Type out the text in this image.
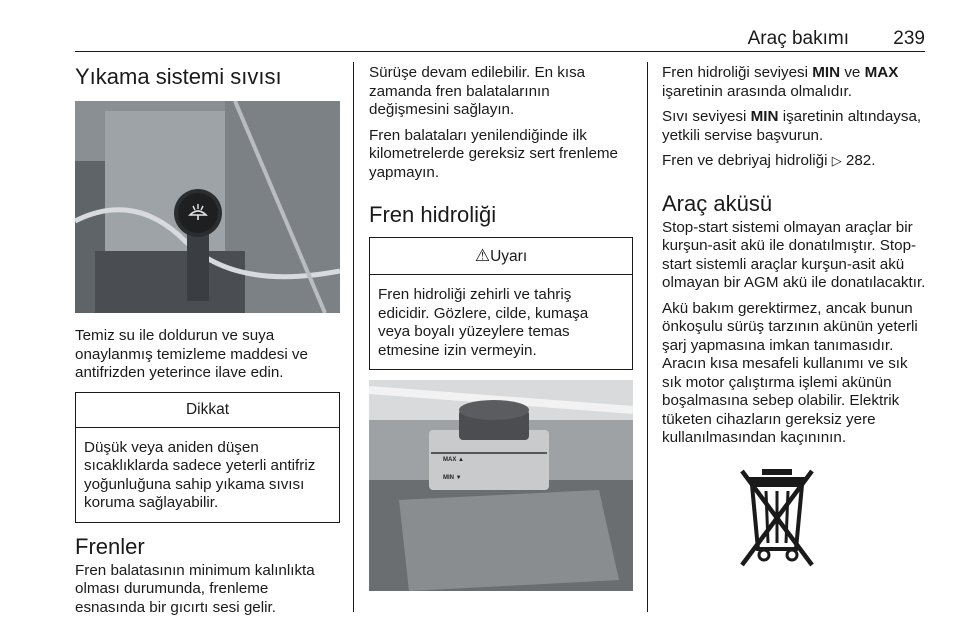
Araç bakımı 239
Yıkama sistemi sıvısı

Temiz su ile doldurun ve suya onaylanmış temizleme maddesi ve antifrizden yeterince ilave edin.

Dikkat

Düşük veya aniden düşen sıcaklıklarda sadece yeterli antifriz yoğunluğuna sahip yıkama sıvısı koruma sağlayabilir.

Frenler

Fren balatasının minimum kalınlıkta olması durumunda, frenleme esnasında bir gıcırtı sesi gelir.

Sürüşe devam edilebilir. En kısa zamanda fren balatalarının değişmesini sağlayın.

Fren balataları yenilendiğinde ilk kilometrelerde gereksiz sert frenleme yapmayın.

Fren hidroliği
⚠Uyarı

Fren hidroliği zehirli ve tahriş edicidir. Gözlere, cilde, kumaşa veya boyalı yüzeylere temas etmesine izin vermeyin.

MAX ▲
MIN ▼

Fren hidroliği seviyesi MIN ve MAX işaretinin arasında olmalıdır.

Sıvı seviyesi MIN işaretinin altındaysa, yetkili servise başvurun.

Fren ve debriyaj hidroliği ▷ 282.

Araç aküsü

Stop-start sistemi olmayan araçlar bir kurşun-asit akü ile donatılmıştır. Stop-start sistemli araçlar kurşun-asit akü olmayan bir AGM akü ile donatılacaktır.

Akü bakım gerektirmez, ancak bunun önkoşulu sürüş tarzının akünün yeterli şarj yapmasına imkan tanımasıdır. Aracın kısa mesafeli kullanımı ve sık sık motor çalıştırma işlemi akünün boşalmasına sebep olabilir. Elektrik tüketen cihazların gereksiz yere kullanılmasından kaçınının.
